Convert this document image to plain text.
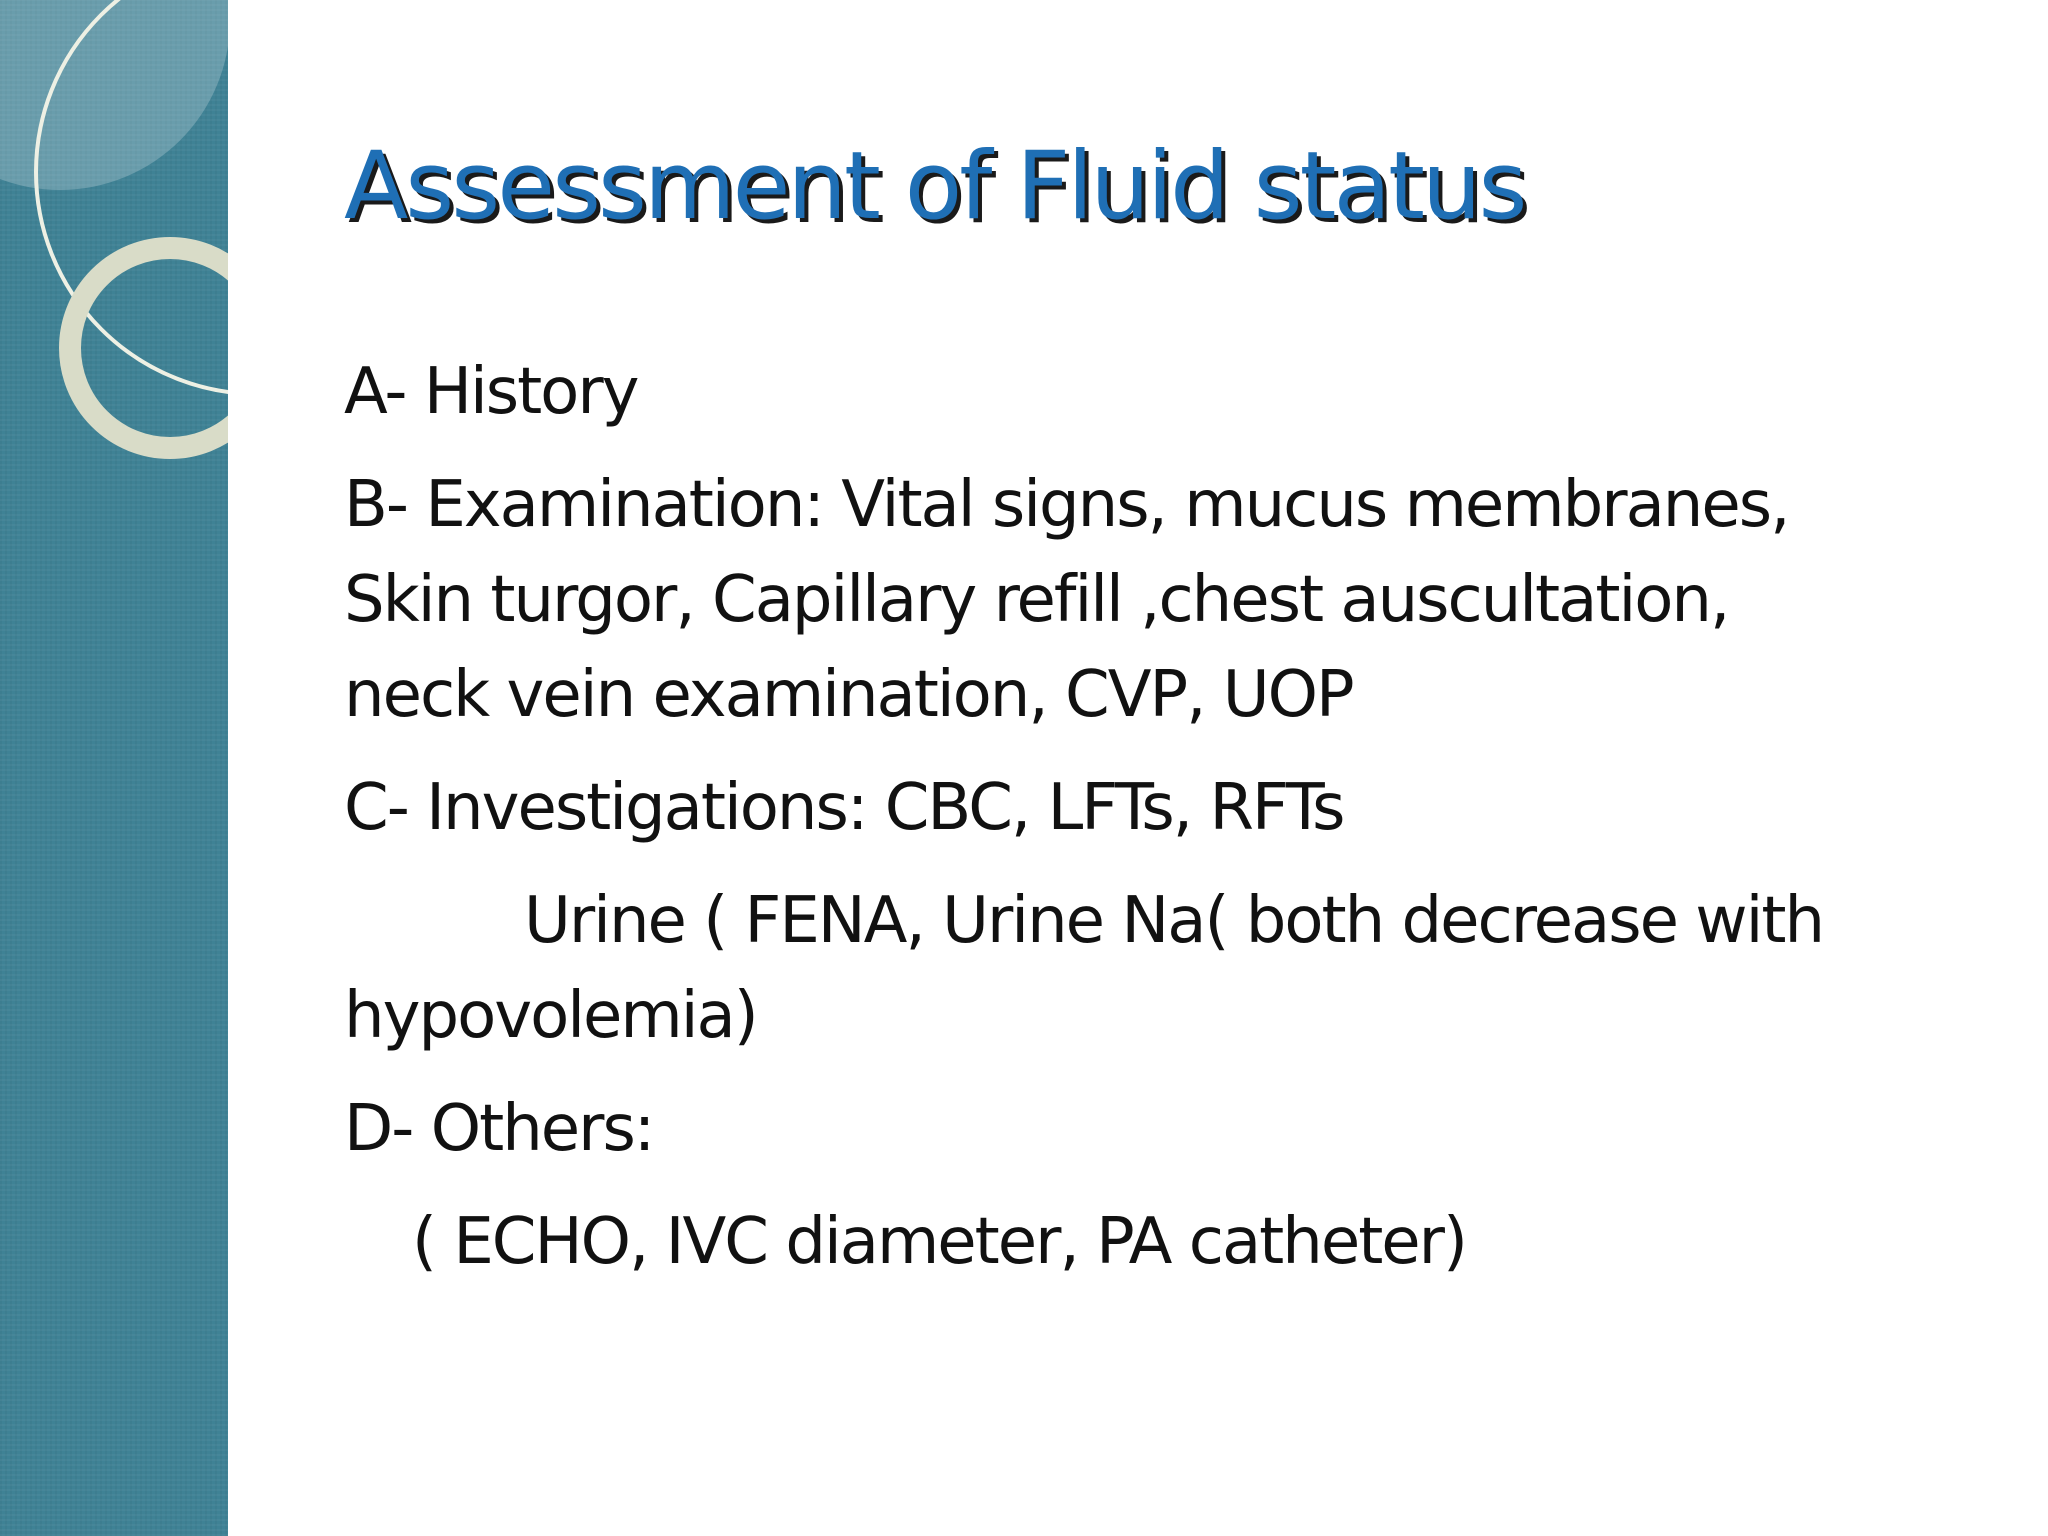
Assessment of Fluid status
A- History
B- Examination: Vital signs, mucus membranes,
Skin turgor, Capillary refill ,chest auscultation,
neck vein examination, CVP, UOP
C- Investigations: CBC, LFTs, RFTs
Urine ( FENA, Urine Na( both decrease with
hypovolemia)
D- Others:
( ECHO, IVC diameter, PA catheter)
